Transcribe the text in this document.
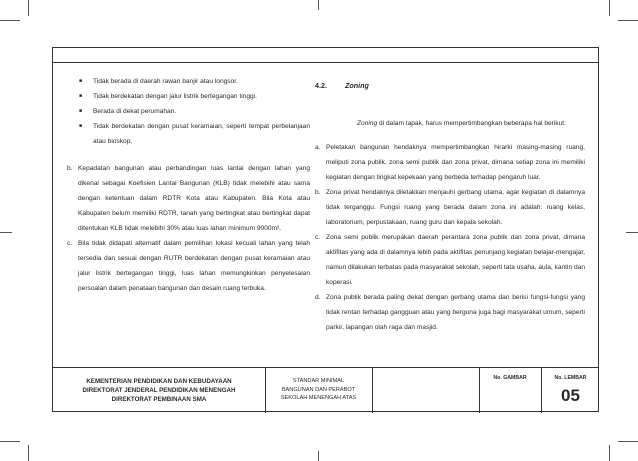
■ Tidak berada di daerah rawan banjir atau longsor.
■ Tidak berdekatan dengan jalur listrik bertegangan tinggi.
■ Berada di dekat perumahan.
■ Tidak berdekatan dengan pusat keramaian, seperti tempat perbelanjaan atau bioskop.
b. Kepadatan bangunan atau perbandingan luas lantai dengan lahan yang dikenal sebagai Koefisien Lantai Bangunan (KLB) tidak melebihi atau sama dengan ketentuan dalam RDTR Kota atau Kabupaten. Bila Kota atau Kabupaten belum memiliki RDTR, tanah yang bertingkat atau bertingkat dapat ditentukan KLB tidak melebihi 30% atau luas lahan minimum 9000m².
c. Bila tidak didapati alternatif dalam pemilihan lokasi kecuali lahan yang telah tersedia dan sesuai dengan RUTR berdekatan dengan pusat keramaian atau jalur listrik bertegangan tinggi, luas lahan memungkinkan penyelesaian persoalan dalam penataan bangunan dan desain ruang terbuka.
4.2.	Zoning
Zoning di dalam tapak, harus mempertimbangkan beberapa hal berikut:
a. Peletakan bangunan hendaknya mempertimbangkan hirarki masing-masing ruang, meliputi zona publik, zona semi publik dan zona privat, dimana setiap zona ini memiliki kegiatan dengan tingkat kepekaan yang berbeda terhadap pengaruh luar.
b. Zona privat hendaknya diletakkan menjauhi gerbang utama, agar kegiatan di dalamnya tidak terganggu. Fungsi ruang yang berada dalam zona ini adalah: ruang kelas, laboratorium, perpustakaan, ruang guru dan kepala sekolah.
c. Zona semi publik merupakan daerah perantara zona publik dan zona privat, dimana aktifitas yang ada di dalamnya lebih pada aktifitas penunjang kegiatan belajar-mengajar, namun dilakukan terbatas pada masyarakat sekolah, seperti tata usaha, aula, kantin dan koperasi.
d. Zona publik berada paling dekat dengan gerbang utama dan berisi fungsi-fungsi yang tidak rentan terhadap gangguan atau yang berguna juga bagi masyarakat umum, seperti parkir, lapangan olah raga dan masjid.
KEMENTERIAN PENDIDIKAN DAN KEBUDAYAAN
DIREKTORAT JENDERAL PENDIDIKAN MENENGAH
DIREKTORAT PEMBINAAN SMA
STANDAR MINIMAL
BANGUNAN DAN PERABOT
SEKOLAH MENENGAH ATAS
No. GAMBAR	No. LEMBAR
05
